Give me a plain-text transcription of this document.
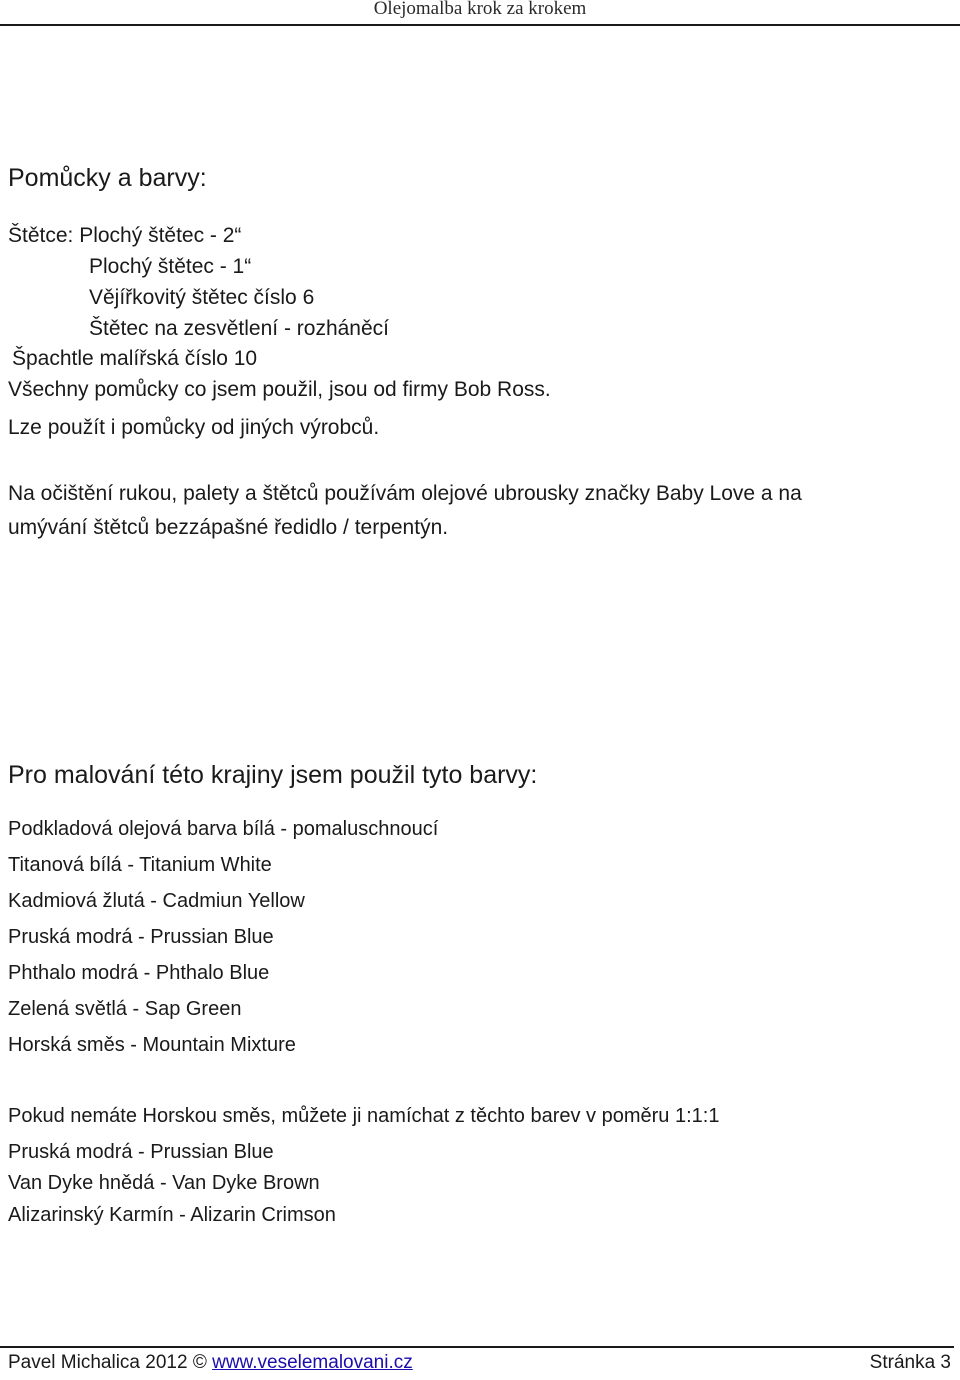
Olejomalba krok za krokem
Pomůcky a barvy:
Štětce: Plochý štětec - 2“
Plochý štětec - 1“
Vějířkovitý štětec číslo 6
Štětec na zesvětlení - rozháněcí
Špachtle malířská číslo 10
Všechny pomůcky co jsem použil, jsou od firmy Bob Ross.
Lze použít i pomůcky od jiných výrobců.
Na očištění rukou, palety a štětců používám olejové ubrousky značky Baby Love a na
umývání štětců bezzápašné ředidlo / terpentýn.
Pro malování této krajiny jsem použil tyto barvy:
Podkladová olejová barva bílá - pomaluschnoucí
Titanová bílá - Titanium White
Kadmiová žlutá - Cadmiun Yellow
Pruská modrá - Prussian Blue
Phthalo modrá - Phthalo Blue
Zelená světlá - Sap Green
Horská směs - Mountain Mixture
Pokud nemáte Horskou směs, můžete ji namíchat z těchto barev v poměru 1:1:1
Pruská modrá - Prussian Blue
Van Dyke hnědá - Van Dyke Brown
Alizarinský Karmín - Alizarin Crimson
Pavel Michalica 2012 © www.veselemalovani.cz	Stránka 3
